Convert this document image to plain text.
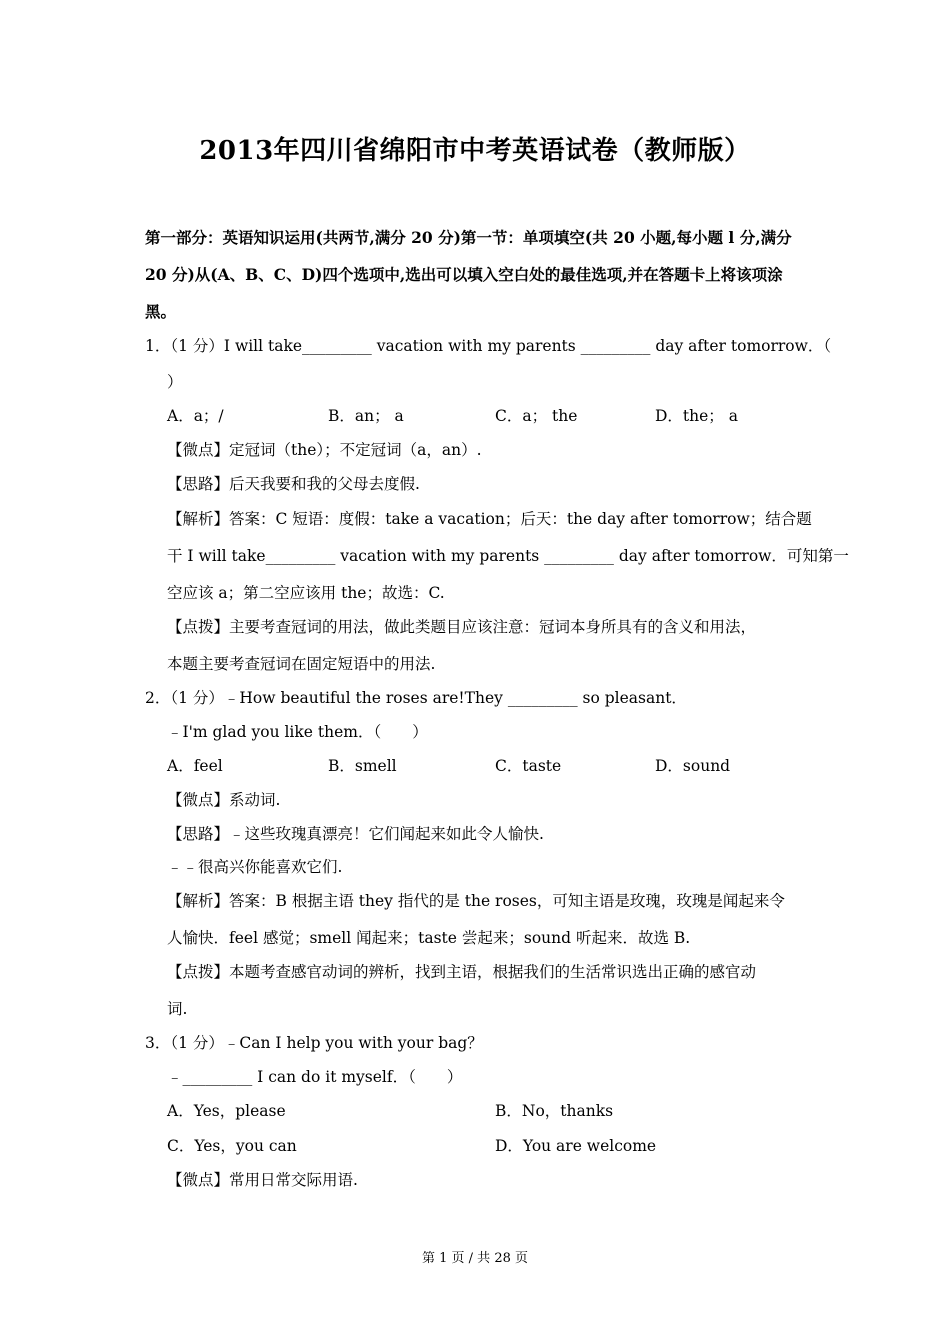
2013年四川省绵阳市中考英语试卷（教师版）
第一部分：英语知识运用(共两节,满分 20 分)第一节：单项填空(共 20 小题,每小题 l 分,满分
20 分)从(A、B、C、D)四个选项中,选出可以填入空白处的最佳选项,并在答题卡上将该项涂
黑。
1．（1 分）I will take_________ vacation with my parents _________ day after tomorrow．（
）
A．a；/	B．an； a	C．a； the	D．the； a
【微点】定冠词（the）；不定冠词（a，an）.
【思路】后天我要和我的父母去度假.
【解析】答案：C 短语：度假：take a vacation；后天：the day after tomorrow；结合题
干 I will take_________ vacation with my parents _________ day after tomorrow．可知第一
空应该 a；第二空应该用 the；故选：C.
【点拨】主要考查冠词的用法，做此类题目应该注意：冠词本身所具有的含义和用法，
本题主要考查冠词在固定短语中的用法.
2．（1 分）﹣How beautiful the roses are!They _________ so pleasant．
﹣I'm glad you like them．（　　）
A．feel	B．smell	C．taste	D．sound
【微点】系动词.
【思路】﹣这些玫瑰真漂亮！它们闻起来如此令人愉快.
﹣﹣很高兴你能喜欢它们.
【解析】答案：B 根据主语 they 指代的是 the roses，可知主语是玫瑰，玫瑰是闻起来令
人愉快．feel 感觉；smell 闻起来；taste 尝起来；sound 听起来．故选 B.
【点拨】本题考查感官动词的辨析，找到主语，根据我们的生活常识选出正确的感官动
词.
3．（1 分）﹣Can I help you with your bag？
﹣_________ I can do it myself．（　　）
A．Yes，please	B．No，thanks
C．Yes，you can	D．You are welcome
【微点】常用日常交际用语.
第 1 页 / 共 28 页
